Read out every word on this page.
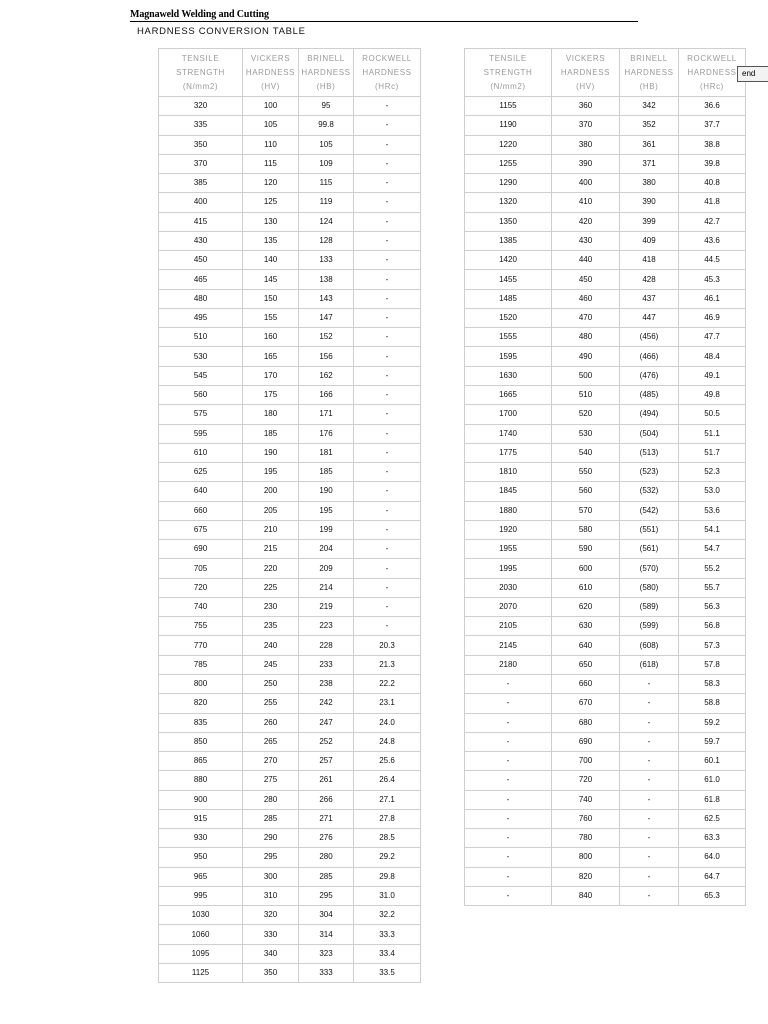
Magnaweld Welding and Cutting
HARDNESS CONVERSION TABLE
TENSILE
STRENGTH
(N/mm2)	VICKERS
HARDNESS
(HV)	BRINELL
HARDNESS
(HB)	ROCKWELL
HARDNESS
(HRc)

320	100	95	-
335	105	99.8	-
350	110	105	-
370	115	109	-
385	120	115	-
400	125	119	-
415	130	124	-
430	135	128	-
450	140	133	-
465	145	138	-
480	150	143	-
495	155	147	-
510	160	152	-
530	165	156	-
545	170	162	-
560	175	166	-
575	180	171	-
595	185	176	-
610	190	181	-
625	195	185	-
640	200	190	-
660	205	195	-
675	210	199	-
690	215	204	-
705	220	209	-
720	225	214	-
740	230	219	-
755	235	223	-
770	240	228	20.3
785	245	233	21.3
800	250	238	22.2
820	255	242	23.1
835	260	247	24.0
850	265	252	24.8
865	270	257	25.6
880	275	261	26.4
900	280	266	27.1
915	285	271	27.8
930	290	276	28.5
950	295	280	29.2
965	300	285	29.8
995	310	295	31.0
1030	320	304	32.2
1060	330	314	33.3
1095	340	323	33.4
1125	350	333	33.5
TENSILE
STRENGTH
(N/mm2)	VICKERS
HARDNESS
(HV)	BRINELL
HARDNESS
(HB)	ROCKWELL
HARDNESS
(HRc)

1155	360	342	36.6
1190	370	352	37.7
1220	380	361	38.8
1255	390	371	39.8
1290	400	380	40.8
1320	410	390	41.8
1350	420	399	42.7
1385	430	409	43.6
1420	440	418	44.5
1455	450	428	45.3
1485	460	437	46.1
1520	470	447	46.9
1555	480	(456)	47.7
1595	490	(466)	48.4
1630	500	(476)	49.1
1665	510	(485)	49.8
1700	520	(494)	50.5
1740	530	(504)	51.1
1775	540	(513)	51.7
1810	550	(523)	52.3
1845	560	(532)	53.0
1880	570	(542)	53.6
1920	580	(551)	54.1
1955	590	(561)	54.7
1995	600	(570)	55.2
2030	610	(580)	55.7
2070	620	(589)	56.3
2105	630	(599)	56.8
2145	640	(608)	57.3
2180	650	(618)	57.8
-	660	-	58.3
-	670	-	58.8
-	680	-	59.2
-	690	-	59.7
-	700	-	60.1
-	720	-	61.0
-	740	-	61.8
-	760	-	62.5
-	780	-	63.3
-	800	-	64.0
-	820	-	64.7
-	840	-	65.3
end
